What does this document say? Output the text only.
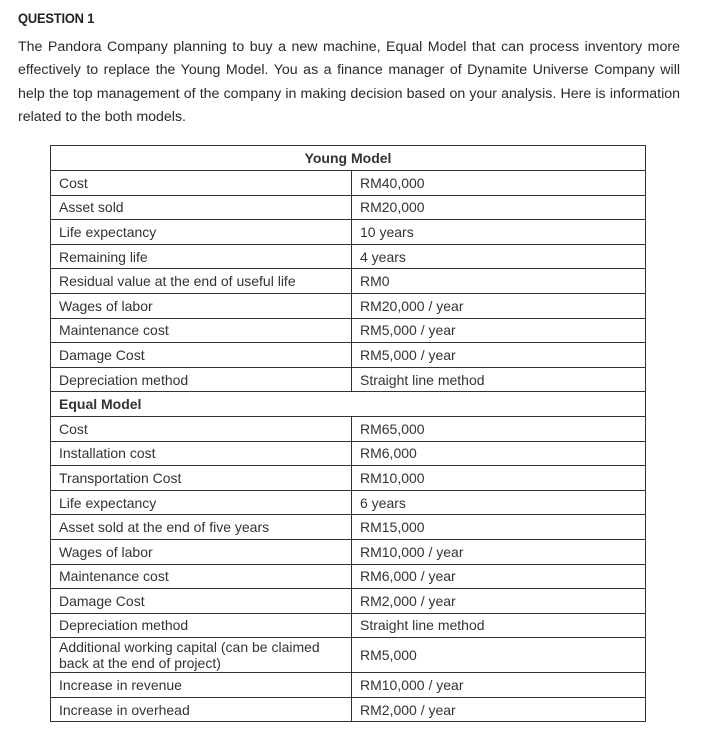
QUESTION 1
The Pandora Company planning to buy a new machine, Equal Model that can process inventory more effectively to replace the Young Model. You as a finance manager of Dynamite Universe Company will help the top management of the company in making decision based on your analysis. Here is information related to the both models.
Young Model	
Cost	RM40,000
Asset sold	RM20,000
Life expectancy	10 years
Remaining life	4 years
Residual value at the end of useful life	RM0
Wages of labor	RM20,000 / year
Maintenance cost	RM5,000 / year
Damage Cost	RM5,000 / year
Depreciation method	Straight line method
Equal Model	
Cost	RM65,000
Installation cost	RM6,000
Transportation Cost	RM10,000
Life expectancy	6 years
Asset sold at the end of five years	RM15,000
Wages of labor	RM10,000 / year
Maintenance cost	RM6,000 / year
Damage Cost	RM2,000 / year
Depreciation method	Straight line method
Additional working capital (can be claimed back at the end of project)	RM5,000
Increase in revenue	RM10,000 / year
Increase in overhead	RM2,000 / year
